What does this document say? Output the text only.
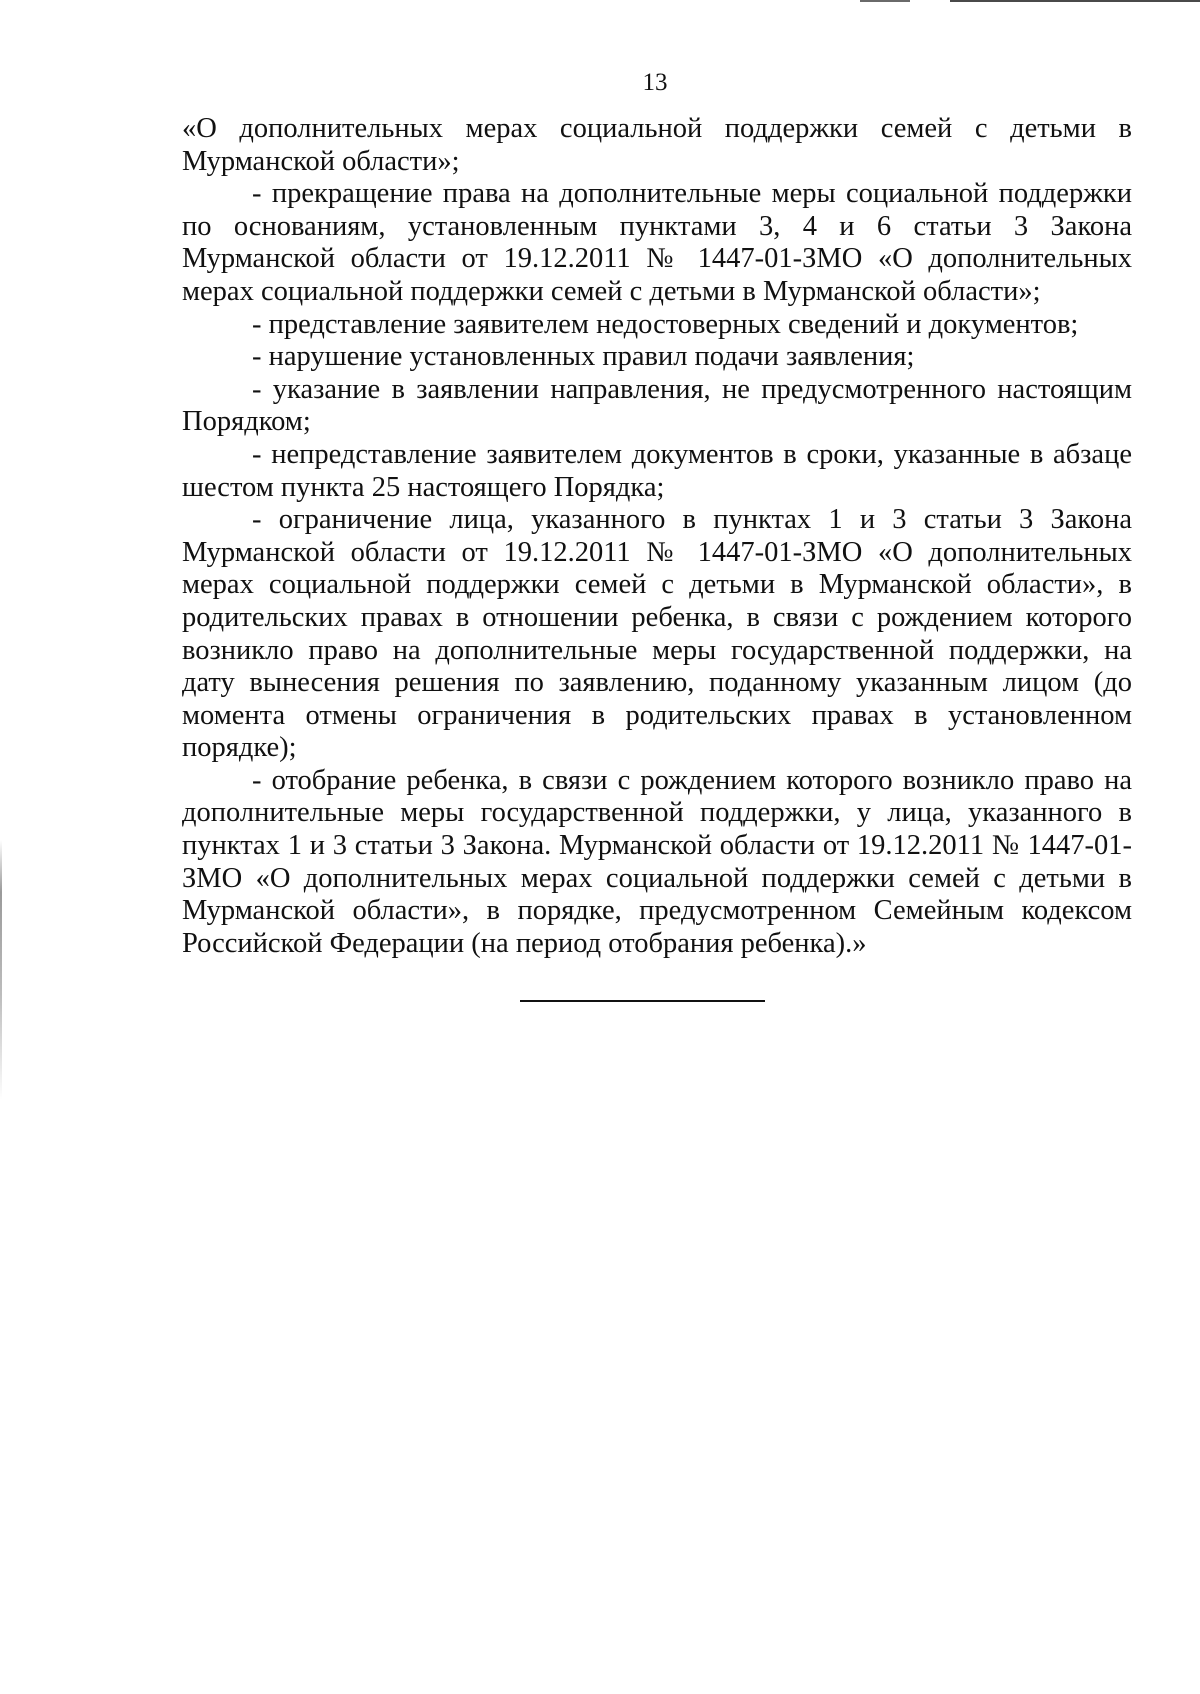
13

«О дополнительных мерах социальной поддержки семей с детьми в Мурманской области»;

- прекращение права на дополнительные меры социальной поддержки по основаниям, установленным пунктами 3, 4 и 6 статьи 3 Закона Мурманской области от 19.12.2011 № 1447-01-ЗМО «О дополнительных мерах социальной поддержки семей с детьми в Мурманской области»;

- представление заявителем недостоверных сведений и документов;

- нарушение установленных правил подачи заявления;

- указание в заявлении направления, не предусмотренного настоящим Порядком;

- непредставление заявителем документов в сроки, указанные в абзаце шестом пункта 25 настоящего Порядка;

- ограничение лица, указанного в пунктах 1 и 3 статьи 3 Закона Мурманской области от 19.12.2011 № 1447-01-ЗМО «О дополнительных мерах социальной поддержки семей с детьми в Мурманской области», в родительских правах в отношении ребенка, в связи с рождением которого возникло право на дополнительные меры государственной поддержки, на дату вынесения решения по заявлению, поданному указанным лицом (до момента отмены ограничения в родительских правах в установленном порядке);

- отобрание ребенка, в связи с рождением которого возникло право на дополнительные меры государственной поддержки, у лица, указанного в пунктах 1 и 3 статьи 3 Закона. Мурманской области от 19.12.2011 № 1447-01-ЗМО «О дополнительных мерах социальной поддержки семей с детьми в Мурманской области», в порядке, предусмотренном Семейным кодексом Российской Федерации (на период отобрания ребенка).»
